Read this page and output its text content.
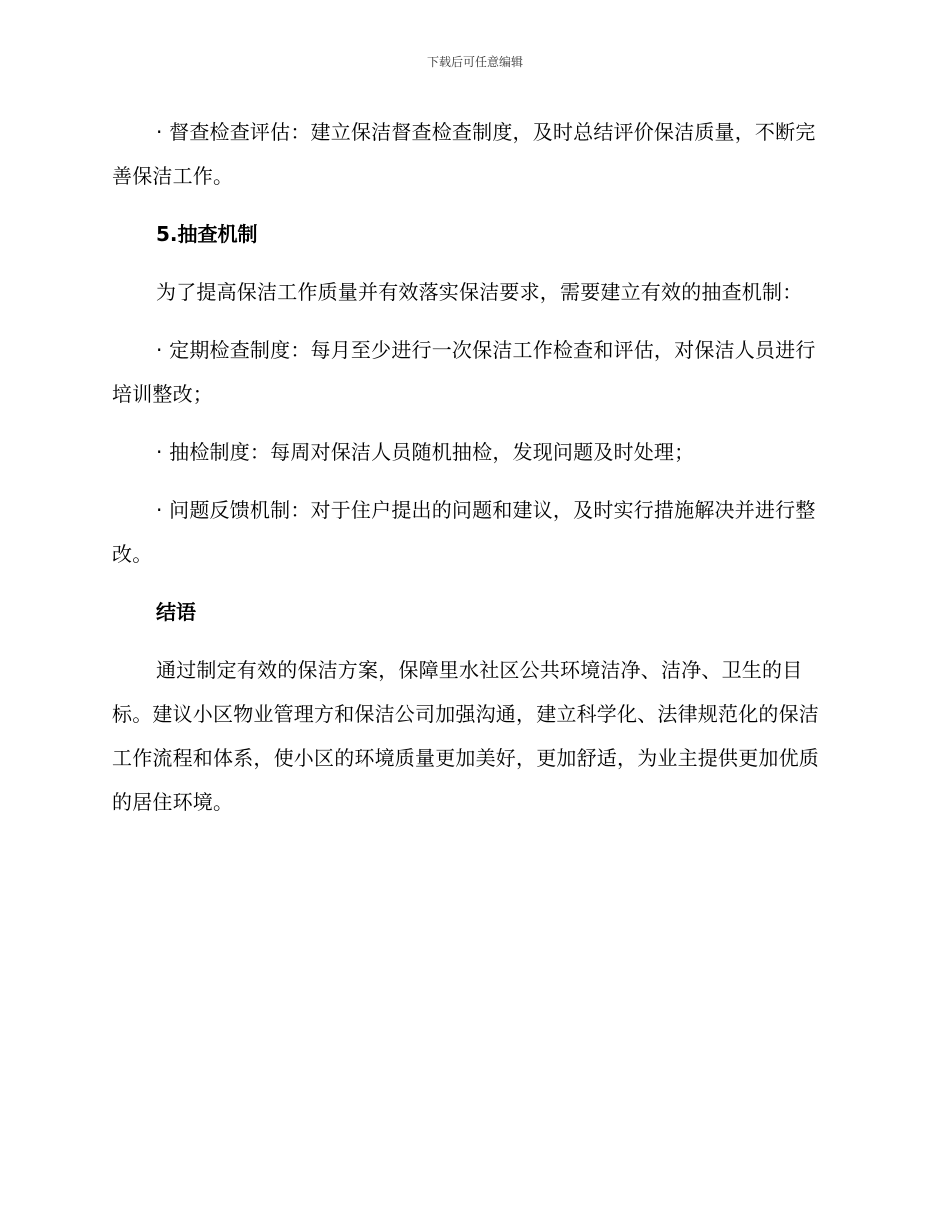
下载后可任意编辑

· 督查检查评估：建立保洁督查检查制度，及时总结评价保洁质量，不断完善保洁工作。

5.抽查机制

为了提高保洁工作质量并有效落实保洁要求，需要建立有效的抽查机制：

· 定期检查制度：每月至少进行一次保洁工作检查和评估，对保洁人员进行培训整改；

· 抽检制度：每周对保洁人员随机抽检，发现问题及时处理；

· 问题反馈机制：对于住户提出的问题和建议，及时实行措施解决并进行整改。

结语

通过制定有效的保洁方案，保障里水社区公共环境洁净、洁净、卫生的目标。建议小区物业管理方和保洁公司加强沟通，建立科学化、法律规范化的保洁工作流程和体系，使小区的环境质量更加美好，更加舒适，为业主提供更加优质的居住环境。
